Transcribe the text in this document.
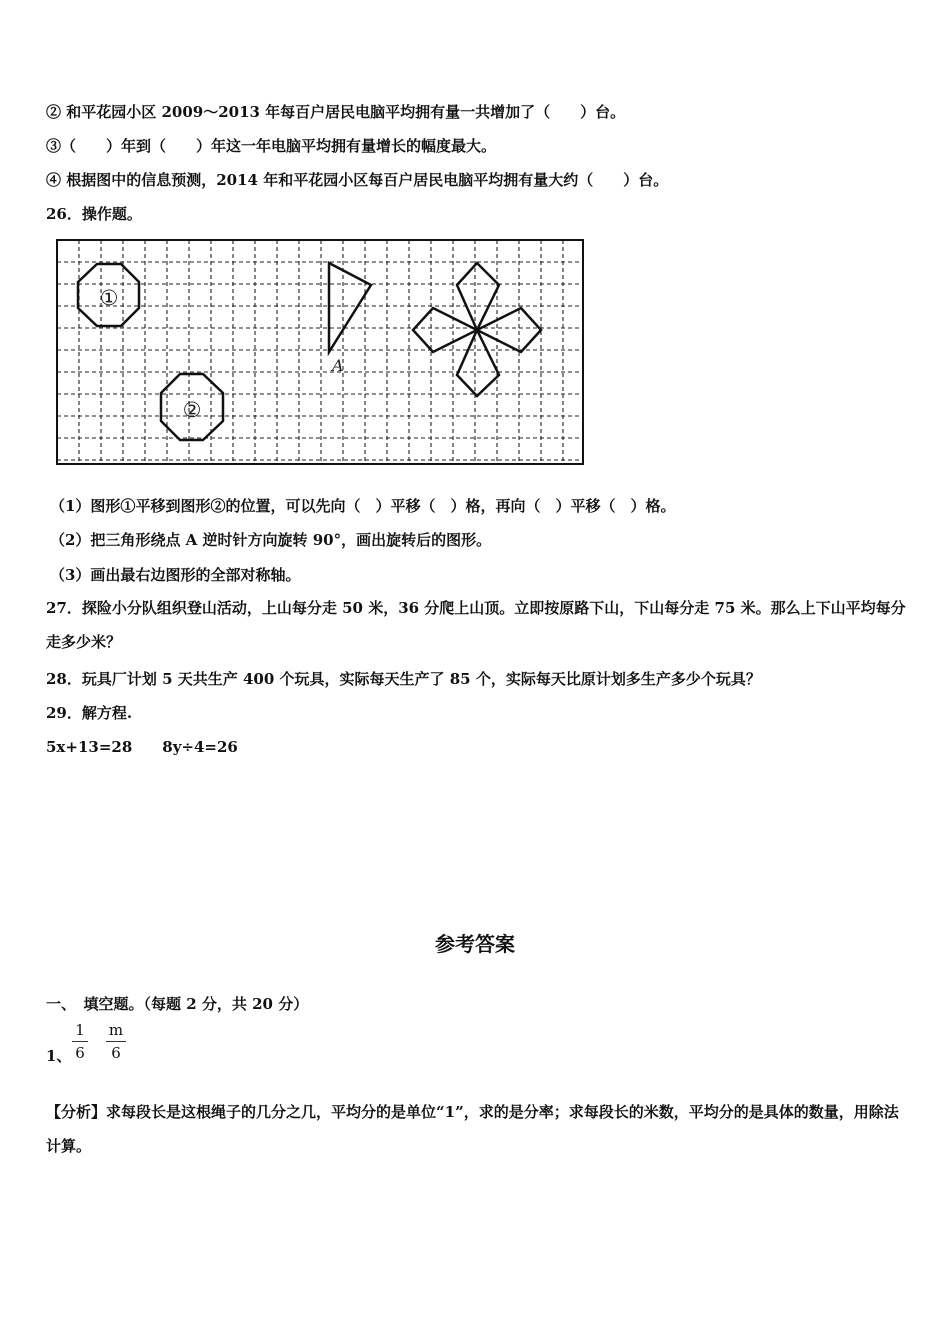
② 和平花园小区 2009～2013 年每百户居民电脑平均拥有量一共增加了（　　）台。
③（　　）年到（　　）年这一年电脑平均拥有量增长的幅度最大。
④ 根据图中的信息预测，2014 年和平花园小区每百户居民电脑平均拥有量大约（　　）台。
26．操作题。
①
②
A
（1）图形①平移到图形②的位置，可以先向（　）平移（　）格，再向（　）平移（　）格。
（2）把三角形绕点 A 逆时针方向旋转 90°，画出旋转后的图形。
（3）画出最右边图形的全部对称轴。
27．探险小分队组织登山活动，上山每分走 50 米，36 分爬上山顶。立即按原路下山，下山每分走 75 米。那么上下山平均每分走多少米？
28．玩具厂计划 5 天共生产 400 个玩具，实际每天生产了 85 个，实际每天比原计划多生产多少个玩具？
29．解方程.
5x+13=28 8y÷4=26
参考答案
一、　填空题。（每题 2 分，共 20 分）
1、
1
6
m
6
【分析】求每段长是这根绳子的几分之几，平均分的是单位“1”，求的是分率；求每段长的米数，平均分的是具体的数量，用除法计算。
